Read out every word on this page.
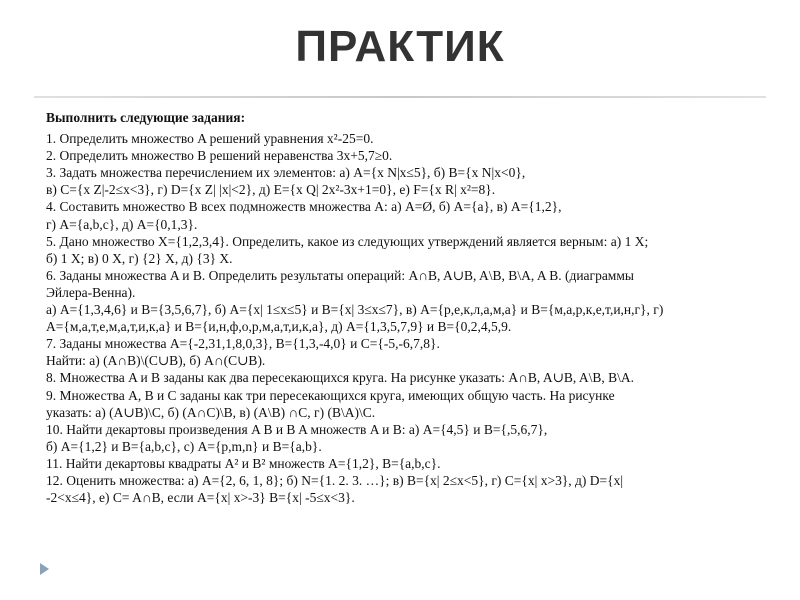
ПРАКТИК
Выполнить следующие задания:
1. Определить множество A решений уравнения x²-25=0.
2. Определить множество B решений неравенства 3x+5,7≥0.
3. Задать множества перечислением их элементов: а) A={x N|x≤5}, б) B={x N|x<0},
в) C={x Z|-2≤x<3}, г) D={x Z| |x|<2}, д) E={x Q| 2x²-3x+1=0}, е) F={x R| x²=8}.
4. Составить множество B всех подмножеств множества A: а) A=Ø, б) A={a}, в) A={1,2},
г) A={a,b,c}, д) A={0,1,3}.
5. Дано множество X={1,2,3,4}. Определить, какое из следующих утверждений является верным: а) 1 X;
б) 1 X; в) 0 X, г) {2} X, д) {3} X.
6. Заданы множества A и B. Определить результаты операций: A∩B, A∪B, A\B, B\A, A B. (диаграммы
Эйлера-Венна).
а) A={1,3,4,6} и B={3,5,6,7}, б) A={x| 1≤x≤5} и B={x| 3≤x≤7}, в) A={р,е,к,л,а,м,а} и B={м,а,р,к,е,т,и,н,г}, г)
A={м,а,т,е,м,а,т,и,к,а} и B={и,н,ф,о,р,м,а,т,и,к,а}, д) A={1,3,5,7,9} и B={0,2,4,5,9.
7. Заданы множества A={-2,31,1,8,0,3}, B={1,3,-4,0} и C={-5,-6,7,8}.
Найти: а) (A∩B)\(C∪B), б) A∩(C∪B).
8. Множества A и B заданы как два пересекающихся круга. На рисунке указать: A∩B, A∪B, A\B, B\A.
9. Множества A, B и C заданы как три пересекающихся круга, имеющих общую часть. На рисунке
указать: а) (A∪B)\C, б) (A∩C)\B, в) (A\B) ∩C, г) (B\A)\C.
10. Найти декартовы произведения A B и B A множеств A и B: а) A={4,5} и B={,5,6,7},
б) A={1,2} и B={a,b,c}, с) A={p,m,n} и B={a,b}.
11. Найти декартовы квадраты A² и B² множеств A={1,2}, B={a,b,c}.
12. Оценить множества: а) A={2, 6, 1, 8}; б) N={1. 2. 3. …}; в) B={x| 2≤x<5}, г) C={x| x>3}, д) D={x|
-2<x≤4}, е) C= A∩B, если A={x| x>-3} B={x| -5≤x<3}.
